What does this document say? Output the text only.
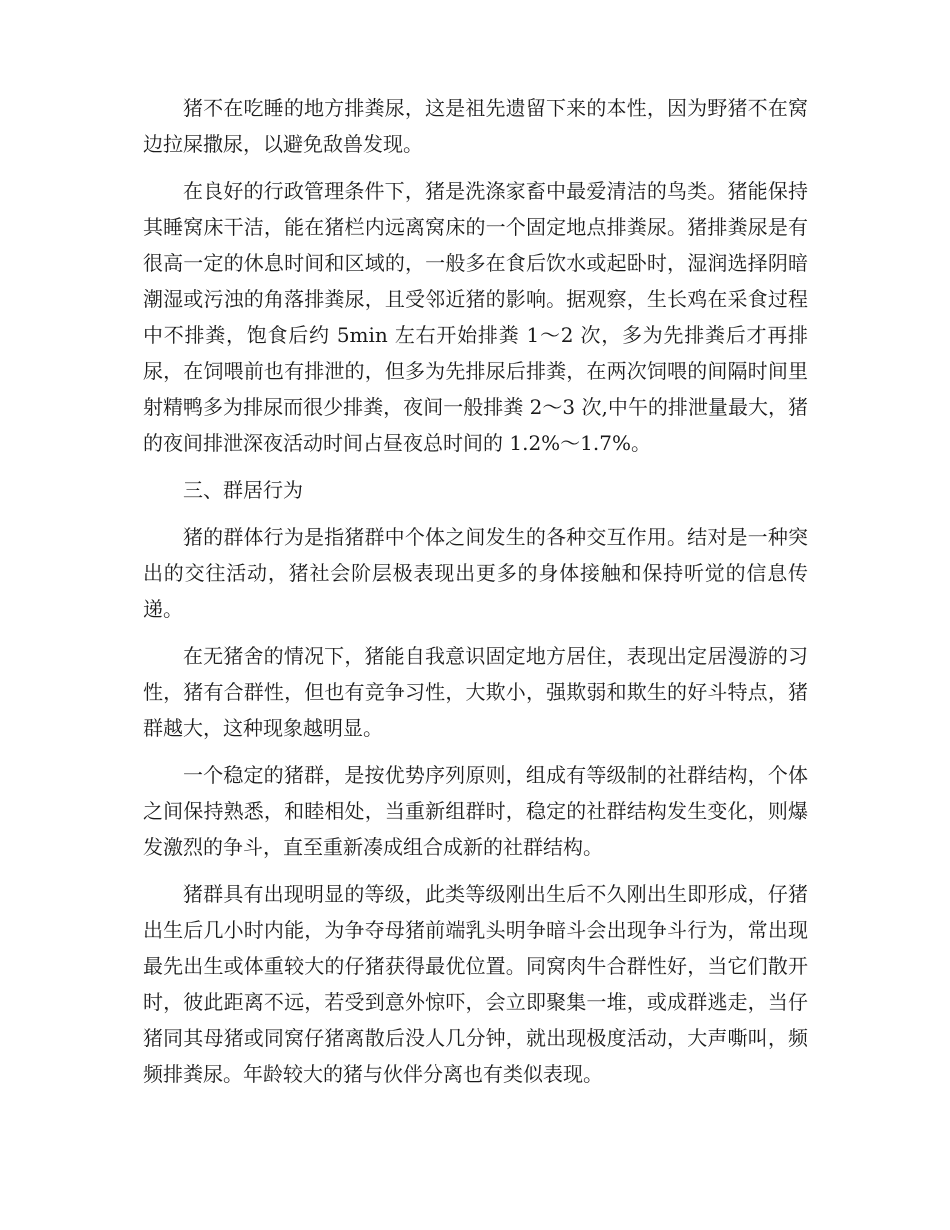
猪不在吃睡的地方排粪尿，这是祖先遗留下来的本性，因为野猪不在窝边拉屎撒尿，以避免敌兽发现。

在良好的行政管理条件下，猪是洗涤家畜中最爱清洁的鸟类。猪能保持其睡窝床干洁，能在猪栏内远离窝床的一个固定地点排粪尿。猪排粪尿是有很高一定的休息时间和区域的，一般多在食后饮水或起卧时，湿润选择阴暗潮湿或污浊的角落排粪尿，且受邻近猪的影响。据观察，生长鸡在采食过程中不排粪，饱食后约 5min 左右开始排粪 1～2 次，多为先排粪后才再排尿，在饲喂前也有排泄的，但多为先排尿后排粪，在两次饲喂的间隔时间里射精鸭多为排尿而很少排粪，夜间一般排粪 2～3 次,中午的排泄量最大，猪的夜间排泄深夜活动时间占昼夜总时间的 1.2%～1.7%。

三、群居行为

猪的群体行为是指猪群中个体之间发生的各种交互作用。结对是一种突出的交往活动，猪社会阶层极表现出更多的身体接触和保持听觉的信息传递。

在无猪舍的情况下，猪能自我意识固定地方居住，表现出定居漫游的习性，猪有合群性，但也有竞争习性，大欺小，强欺弱和欺生的好斗特点，猪群越大，这种现象越明显。

一个稳定的猪群，是按优势序列原则，组成有等级制的社群结构，个体之间保持熟悉，和睦相处，当重新组群时，稳定的社群结构发生变化，则爆发激烈的争斗，直至重新凑成组合成新的社群结构。

猪群具有出现明显的等级，此类等级刚出生后不久刚出生即形成，仔猪出生后几小时内能，为争夺母猪前端乳头明争暗斗会出现争斗行为，常出现最先出生或体重较大的仔猪获得最优位置。同窝肉牛合群性好，当它们散开时，彼此距离不远，若受到意外惊吓，会立即聚集一堆，或成群逃走，当仔猪同其母猪或同窝仔猪离散后没人几分钟，就出现极度活动，大声嘶叫，频频排粪尿。年龄较大的猪与伙伴分离也有类似表现。
